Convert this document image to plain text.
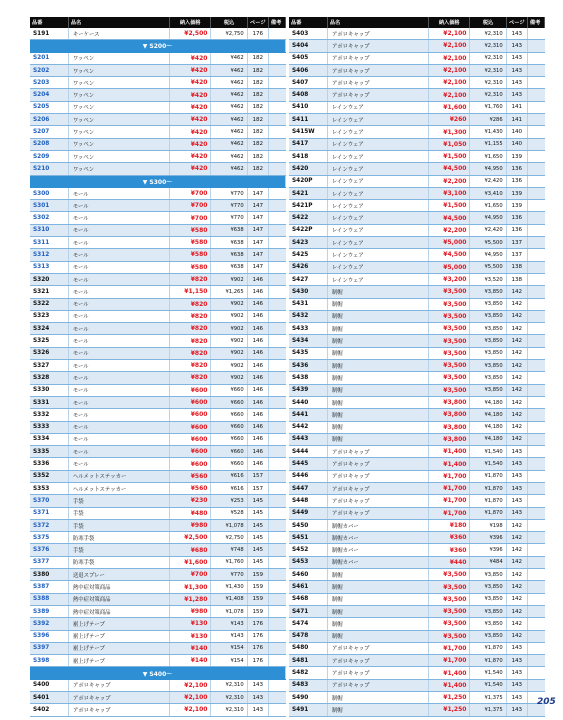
品番	品名	納入価格	税込	ページ	備考
S191	キーケース	¥2,500	¥2,750	176	
▼ S200〜					
S201	ワッペン	¥420	¥462	182	
S202	ワッペン	¥420	¥462	182	
S203	ワッペン	¥420	¥462	182	
S204	ワッペン	¥420	¥462	182	
S205	ワッペン	¥420	¥462	182	
S206	ワッペン	¥420	¥462	182	
S207	ワッペン	¥420	¥462	182	
S208	ワッペン	¥420	¥462	182	
S209	ワッペン	¥420	¥462	182	
S210	ワッペン	¥420	¥462	182	
▼ S300〜					
S300	モール	¥700	¥770	147	
S301	モール	¥700	¥770	147	
S302	モール	¥700	¥770	147	
S310	モール	¥580	¥638	147	
S311	モール	¥580	¥638	147	
S312	モール	¥580	¥638	147	
S313	モール	¥580	¥638	147	
S320	モール	¥820	¥902	146	
S321	モール	¥1,150	¥1,265	146	
S322	モール	¥820	¥902	146	
S323	モール	¥820	¥902	146	
S324	モール	¥820	¥902	146	
S325	モール	¥820	¥902	146	
S326	モール	¥820	¥902	146	
S327	モール	¥820	¥902	146	
S328	モール	¥820	¥902	146	
S330	モール	¥600	¥660	146	
S331	モール	¥600	¥660	146	
S332	モール	¥600	¥660	146	
S333	モール	¥600	¥660	146	
S334	モール	¥600	¥660	146	
S335	モール	¥600	¥660	146	
S336	モール	¥600	¥660	146	
S352	ヘルメットステッカー	¥560	¥616	157	
S353	ヘルメットステッカー	¥560	¥616	157	
S370	手袋	¥230	¥253	145	
S371	手袋	¥480	¥528	145	
S372	手袋	¥980	¥1,078	145	
S375	防寒手袋	¥2,500	¥2,750	145	
S376	手袋	¥680	¥748	145	
S377	防寒手袋	¥1,600	¥1,760	145	
S380	送退スプレー	¥700	¥770	159	
S387	熱中症対策商品	¥1,300	¥1,430	159	
S388	熱中症対策商品	¥1,280	¥1,408	159	
S389	熱中症対策商品	¥980	¥1,078	159	
S392	裾上げテープ	¥130	¥143	176	
S396	裾上げテープ	¥130	¥143	176	
S397	裾上げテープ	¥140	¥154	176	
S398	裾上げテープ	¥140	¥154	176	
▼ S400〜					
S400	アポロキャップ	¥2,100	¥2,310	143	
S401	アポロキャップ	¥2,100	¥2,310	143	
S402	アポロキャップ	¥2,100	¥2,310	143	
品番	品名	納入価格	税込	ページ	備考
S403	アポロキャップ	¥2,100	¥2,310	143	
S404	アポロキャップ	¥2,100	¥2,310	143	
S405	アポロキャップ	¥2,100	¥2,310	143	
S406	アポロキャップ	¥2,100	¥2,310	143	
S407	アポロキャップ	¥2,100	¥2,310	143	
S408	アポロキャップ	¥2,100	¥2,310	143	
S410	レインウェア	¥1,600	¥1,760	141	
S411	レインウェア	¥260	¥286	141	
S415W	レインウェア	¥1,300	¥1,430	140	
S417	レインウェア	¥1,050	¥1,155	140	
S418	レインウェア	¥1,500	¥1,650	139	
S420	レインウェア	¥4,500	¥4,950	136	
S420P	レインウェア	¥2,200	¥2,420	136	
S421	レインウェア	¥3,100	¥3,410	139	
S421P	レインウェア	¥1,500	¥1,650	139	
S422	レインウェア	¥4,500	¥4,950	136	
S422P	レインウェア	¥2,200	¥2,420	136	
S423	レインウェア	¥5,000	¥5,500	137	
S425	レインウェア	¥4,500	¥4,950	137	
S426	レインウェア	¥5,000	¥5,500	138	
S427	レインウェア	¥3,200	¥3,520	138	
S430	制帽	¥3,500	¥3,850	142	
S431	制帽	¥3,500	¥3,850	142	
S432	制帽	¥3,500	¥3,850	142	
S433	制帽	¥3,500	¥3,850	142	
S434	制帽	¥3,500	¥3,850	142	
S435	制帽	¥3,500	¥3,850	142	
S436	制帽	¥3,500	¥3,850	142	
S438	制帽	¥3,500	¥3,850	142	
S439	制帽	¥3,500	¥3,850	142	
S440	制帽	¥3,800	¥4,180	142	
S441	制帽	¥3,800	¥4,180	142	
S442	制帽	¥3,800	¥4,180	142	
S443	制帽	¥3,800	¥4,180	142	
S444	アポロキャップ	¥1,400	¥1,540	143	
S445	アポロキャップ	¥1,400	¥1,540	143	
S446	アポロキャップ	¥1,700	¥1,870	143	
S447	アポロキャップ	¥1,700	¥1,870	143	
S448	アポロキャップ	¥1,700	¥1,870	143	
S449	アポロキャップ	¥1,700	¥1,870	143	
S450	制帽カバー	¥180	¥198	142	
S451	制帽カバー	¥360	¥396	142	
S452	制帽カバー	¥360	¥396	142	
S453	制帽カバー	¥440	¥484	142	
S460	制帽	¥3,500	¥3,850	142	
S461	制帽	¥3,500	¥3,850	142	
S468	制帽	¥3,500	¥3,850	142	
S471	制帽	¥3,500	¥3,850	142	
S474	制帽	¥3,500	¥3,850	142	
S478	制帽	¥3,500	¥3,850	142	
S480	アポロキャップ	¥1,700	¥1,870	143	
S481	アポロキャップ	¥1,700	¥1,870	143	
S482	アポロキャップ	¥1,400	¥1,540	143	
S483	アポロキャップ	¥1,400	¥1,540	143	
S490	制帽	¥1,250	¥1,375	143	
S491	制帽	¥1,250	¥1,375	143	
205
